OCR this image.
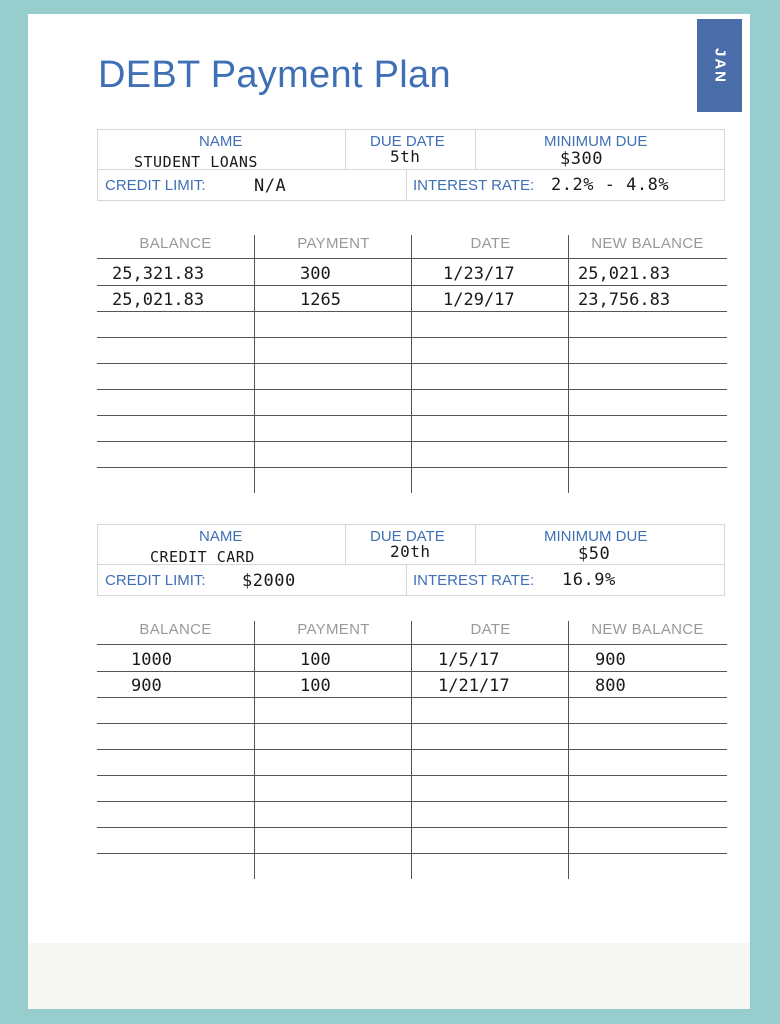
DEBT Payment Plan	JAN
NAME	DUE DATE	MINIMUM DUE
STUDENT LOANS	5th	$300
CREDIT LIMIT:	N/A	INTEREST RATE: 2.2% - 4.8%
BALANCE	PAYMENT	DATE	NEW BALANCE
25,321.83	300	1/23/17	25,021.83
25,021.83	1265	1/29/17	23,756.83
NAME	DUE DATE	MINIMUM DUE
CREDIT CARD	20th	$50
CREDIT LIMIT: $2000	INTEREST RATE: 16.9%
BALANCE	PAYMENT	DATE	NEW BALANCE
1000	100	1/5/17	900
900	100	1/21/17	800
